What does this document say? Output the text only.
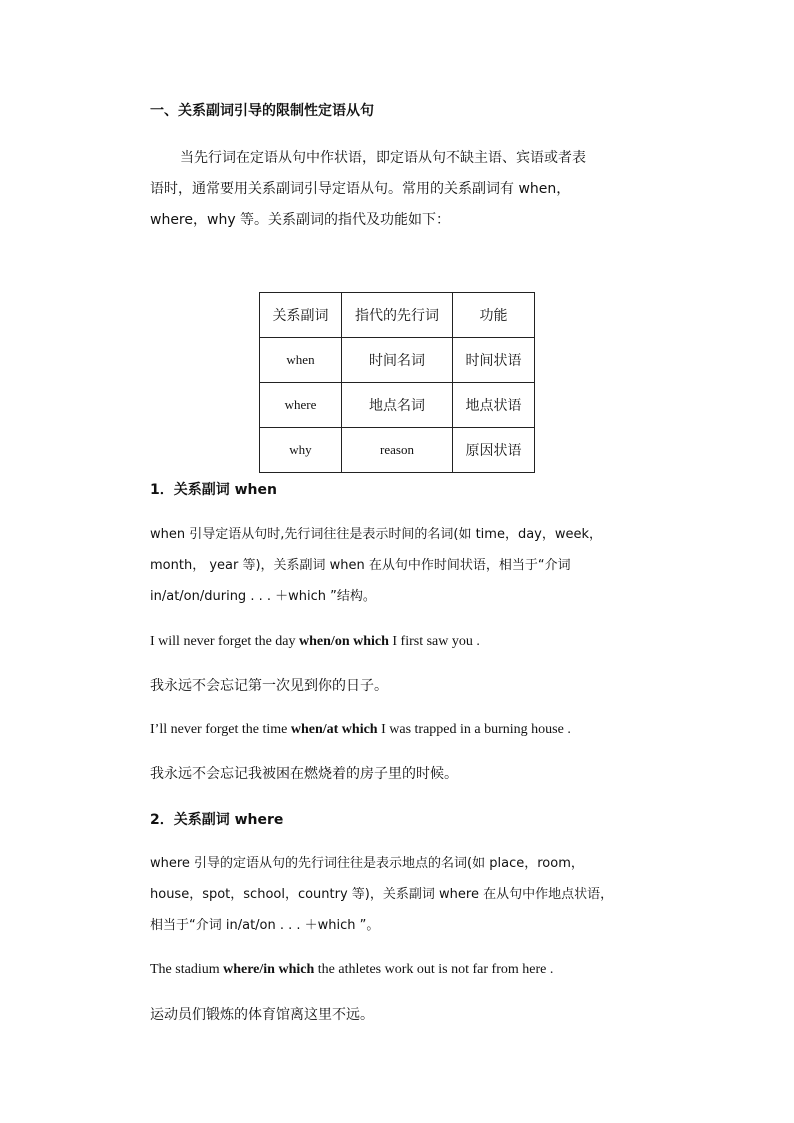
一、关系副词引导的限制性定语从句
当先行词在定语从句中作状语，即定语从句不缺主语、宾语或者表
语时，通常要用关系副词引导定语从句。常用的关系副词有 when，
where，why 等。关系副词的指代及功能如下：
关系副词	指代的先行词	功能
when	时间名词	时间状语
where	地点名词	地点状语
why	reason	原因状语
1．关系副词 when
when 引导定语从句时,先行词往往是表示时间的名词(如 time，day，week，
month， year 等)，关系副词 when 在从句中作时间状语，相当于“介词
in/at/on/during . . . ＋which ”结构。
I will never forget the day when/on which I first saw you .
我永远不会忘记第一次见到你的日子。
I’ll never forget the time when/at which I was trapped in a burning house .
我永远不会忘记我被困在燃烧着的房子里的时候。
2．关系副词 where
where 引导的定语从句的先行词往往是表示地点的名词(如 place，room，
house，spot，school，country 等)，关系副词 where 在从句中作地点状语，
相当于“介词 in/at/on . . . ＋which ”。
The stadium where/in which the athletes work out is not far from here .
运动员们锻炼的体育馆离这里不远。
